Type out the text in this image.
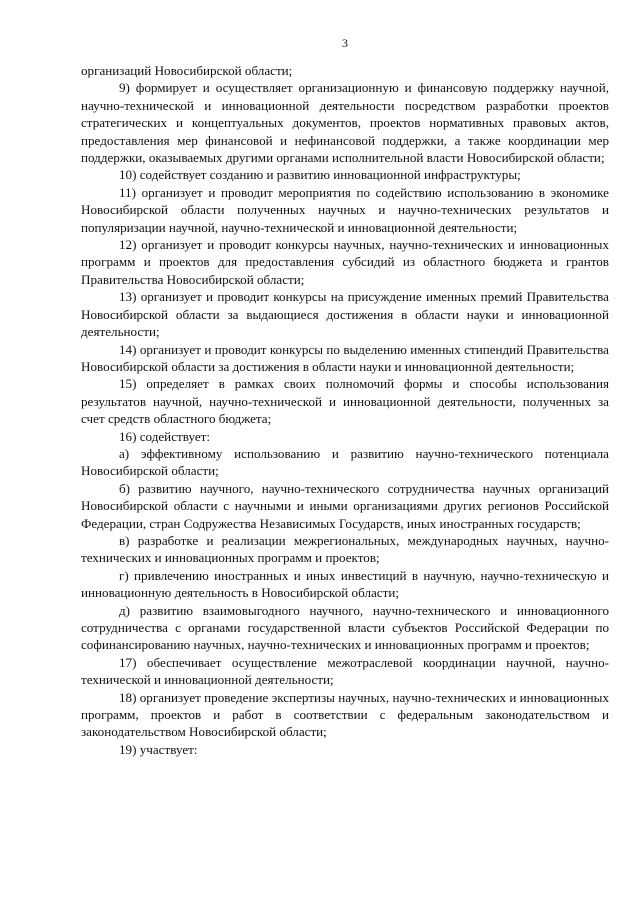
3

организаций Новосибирской области;

9) формирует и осуществляет организационную и финансовую поддержку научной, научно-технической и инновационной деятельности посредством разработки проектов стратегических и концептуальных документов, проектов нормативных правовых актов, предоставления мер финансовой и нефинансовой поддержки, а также координации мер поддержки, оказываемых другими органами исполнительной власти Новосибирской области;

10) содействует созданию и развитию инновационной инфраструктуры;

11) организует и проводит мероприятия по содействию использованию в экономике Новосибирской области полученных научных и научно-технических результатов и популяризации научной, научно-технической и инновационной деятельности;

12) организует и проводит конкурсы научных, научно-технических и инновационных программ и проектов для предоставления субсидий из областного бюджета и грантов Правительства Новосибирской области;

13) организует и проводит конкурсы на присуждение именных премий Правительства Новосибирской области за выдающиеся достижения в области науки и инновационной деятельности;

14) организует и проводит конкурсы по выделению именных стипендий Правительства Новосибирской области за достижения в области науки и инновационной деятельности;

15) определяет в рамках своих полномочий формы и способы использования результатов научной, научно-технической и инновационной деятельности, полученных за счет средств областного бюджета;

16) содействует:

а) эффективному использованию и развитию научно-технического потенциала Новосибирской области;

б) развитию научного, научно-технического сотрудничества научных организаций Новосибирской области с научными и иными организациями других регионов Российской Федерации, стран Содружества Независимых Государств, иных иностранных государств;

в) разработке и реализации межрегиональных, международных научных, научно-технических и инновационных программ и проектов;

г) привлечению иностранных и иных инвестиций в научную, научно-техническую и инновационную деятельность в Новосибирской области;

д) развитию взаимовыгодного научного, научно-технического и инновационного сотрудничества с органами государственной власти субъектов Российской Федерации по софинансированию научных, научно-технических и инновационных программ и проектов;

17) обеспечивает осуществление межотраслевой координации научной, научно-технической и инновационной деятельности;

18) организует проведение экспертизы научных, научно-технических и инновационных программ, проектов и работ в соответствии с федеральным законодательством и законодательством Новосибирской области;

19) участвует:
